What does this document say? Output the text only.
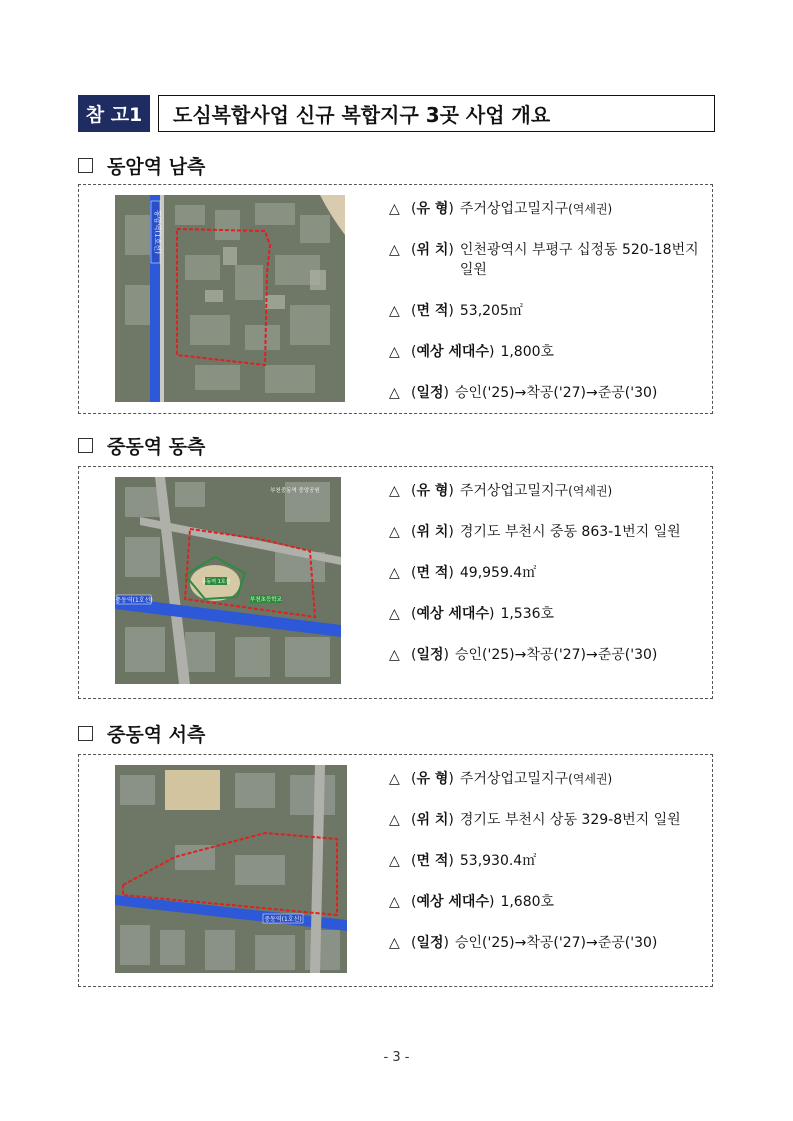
참 고1	도심복합사업 신규 복합지구 3곳 사업 개요
동암역 남측
동암역(1호선)
△ (유 형) 주거상업고밀지구(역세권)
△ (위 치) 인천광역시 부평구 십정동 520-18번지 일원
△ (면 적) 53,205㎡
△ (예상 세대수) 1,800호
△ (일정) 승인('25)→착공('27)→준공('30)
중동역 동측
중동역(1호선)	부천초등학교
중동역 1호선
부천중동역 중앙공원	△ (유 형) 주거상업고밀지구(역세권)
△ (위 치) 경기도 부천시 중동 863-1번지 일원
△ (면 적) 49,959.4㎡
△ (예상 세대수) 1,536호
△ (일정) 승인('25)→착공('27)→준공('30)
중동역 서측
중동역(1호선)
△ (유 형) 주거상업고밀지구(역세권)
△ (위 치) 경기도 부천시 상동 329-8번지 일원
△ (면 적) 53,930.4㎡
△ (예상 세대수) 1,680호
△ (일정) 승인('25)→착공('27)→준공('30)
- 3 -
